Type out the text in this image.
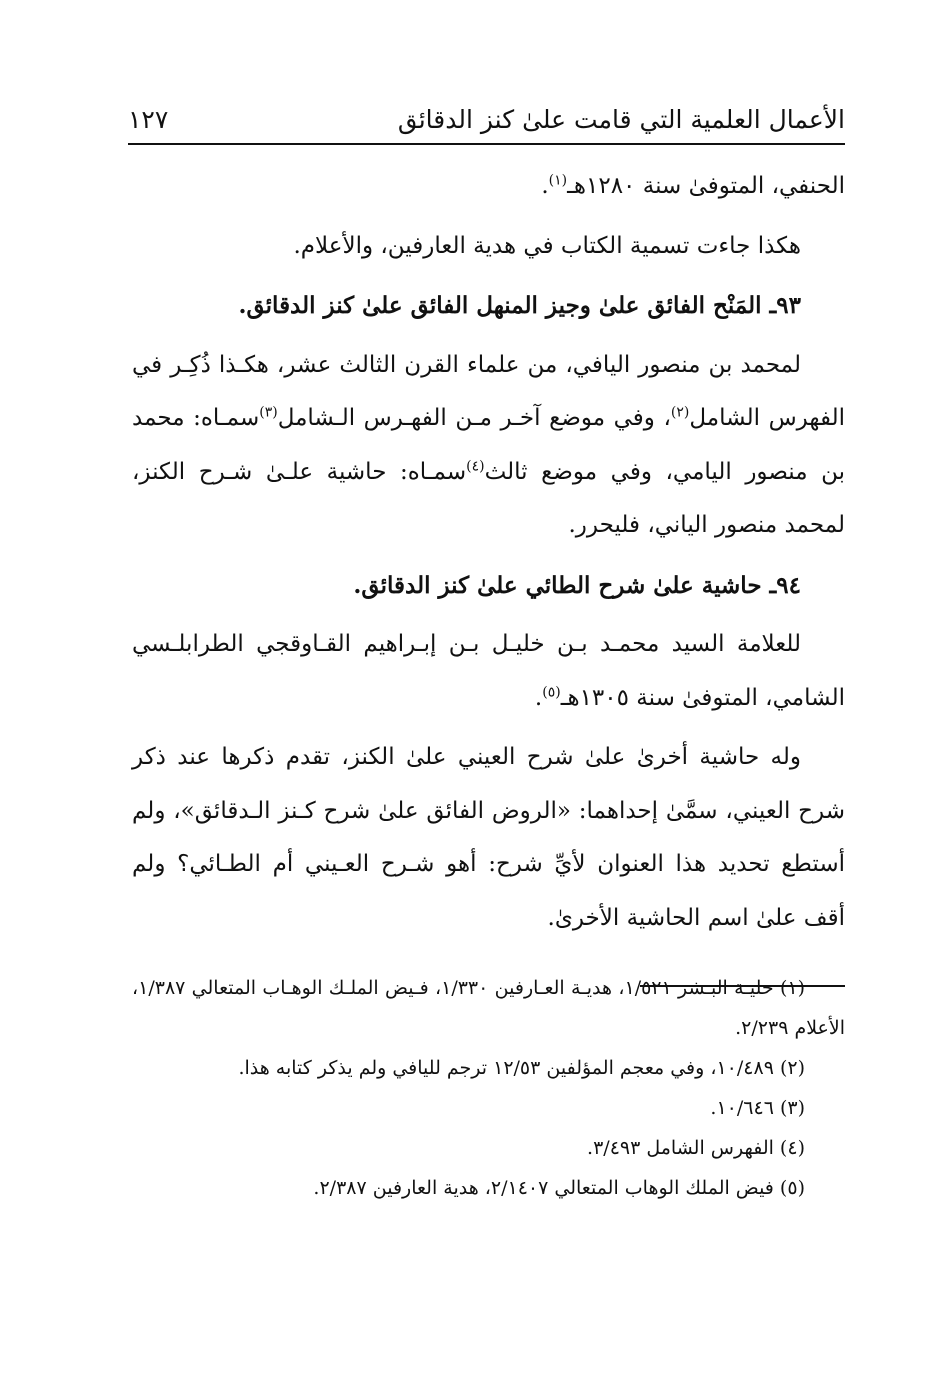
الأعمال العلمية التي قامت علىٰ كنز الدقائق
١٢٧

الحنفي، المتوفىٰ سنة ١٢٨٠هـ$^{(١)}$.

هكذا جاءت تسمية الكتاب في هدية العارفين، والأعلام.

٩٣ـ المَنْح الفائق علىٰ وجيز المنهل الفائق علىٰ كنز الدقائق.

لمحمد بن منصور اليافي، من علماء القرن الثالث عشر، هكـذا ذُكِـر في الفهرس الشامل$^{(٢)}$، وفي موضع آخـر مـن الفهـرس الـشامل$^{(٣)}$سمـاه: محمد بن منصور اليامي، وفي موضع ثالث$^{(٤)}$سمـاه: حاشية علـىٰ شـرح الكنز، لمحمد منصور الياني، فليحرر.

٩٤ـ حاشية علىٰ شرح الطائي علىٰ كنز الدقائق.

للعلامة السيد محمـد بـن خليـل بـن إبـراهيم القـاوقجي الطرابلـسي الشامي، المتوفىٰ سنة ١٣٠٥هـ$^{(٥)}$.

وله حاشية أخرىٰ علىٰ شرح العيني علىٰ الكنز، تقدم ذكرها عند ذكر شرح العيني، سمَّىٰ إحداهما: «الروض الفائق علىٰ شرح كـنز الـدقائق»، ولم أستطع تحديد هذا العنوان لأيِّ شرح: أهو شـرح العـيني أم الطـائي؟ ولم أقف علىٰ اسم الحاشية الأخرىٰ.

(١) حليـة البـشر ١/٥٢١، هديـة العـارفين ١/٣٣٠، فـيض الملـك الوهـاب المتعالي ١/٣٨٧، الأعلام ٢/٢٣٩.

(٢) ١٠/٤٨٩، وفي معجم المؤلفين ١٢/٥٣ ترجم لليافي ولم يذكر كتابه هذا.

(٣) ١٠/٦٤٦.

(٤) الفهرس الشامل ٣/٤٩٣.

(٥) فيض الملك الوهاب المتعالي ٢/١٤٠٧، هدية العارفين ٢/٣٨٧.
